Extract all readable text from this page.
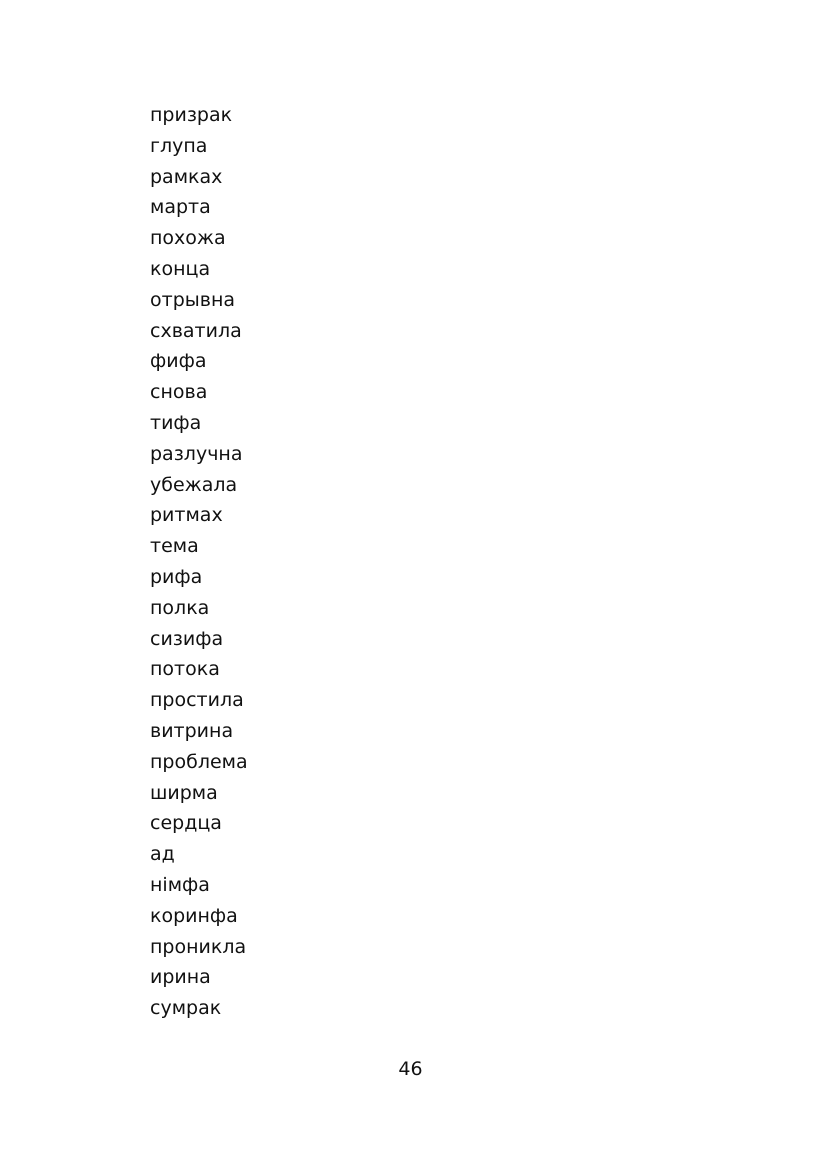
призрак
глупа
рамках
марта
похожа
конца
отрывна
схватила
фифа
снова
тифа
разлучна
убежала
ритмах
тема
рифа
полка
сизифа
потока
простила
витрина
проблема
ширма
сердца
ад
німфа
коринфа
проникла
ирина
сумрак
46
